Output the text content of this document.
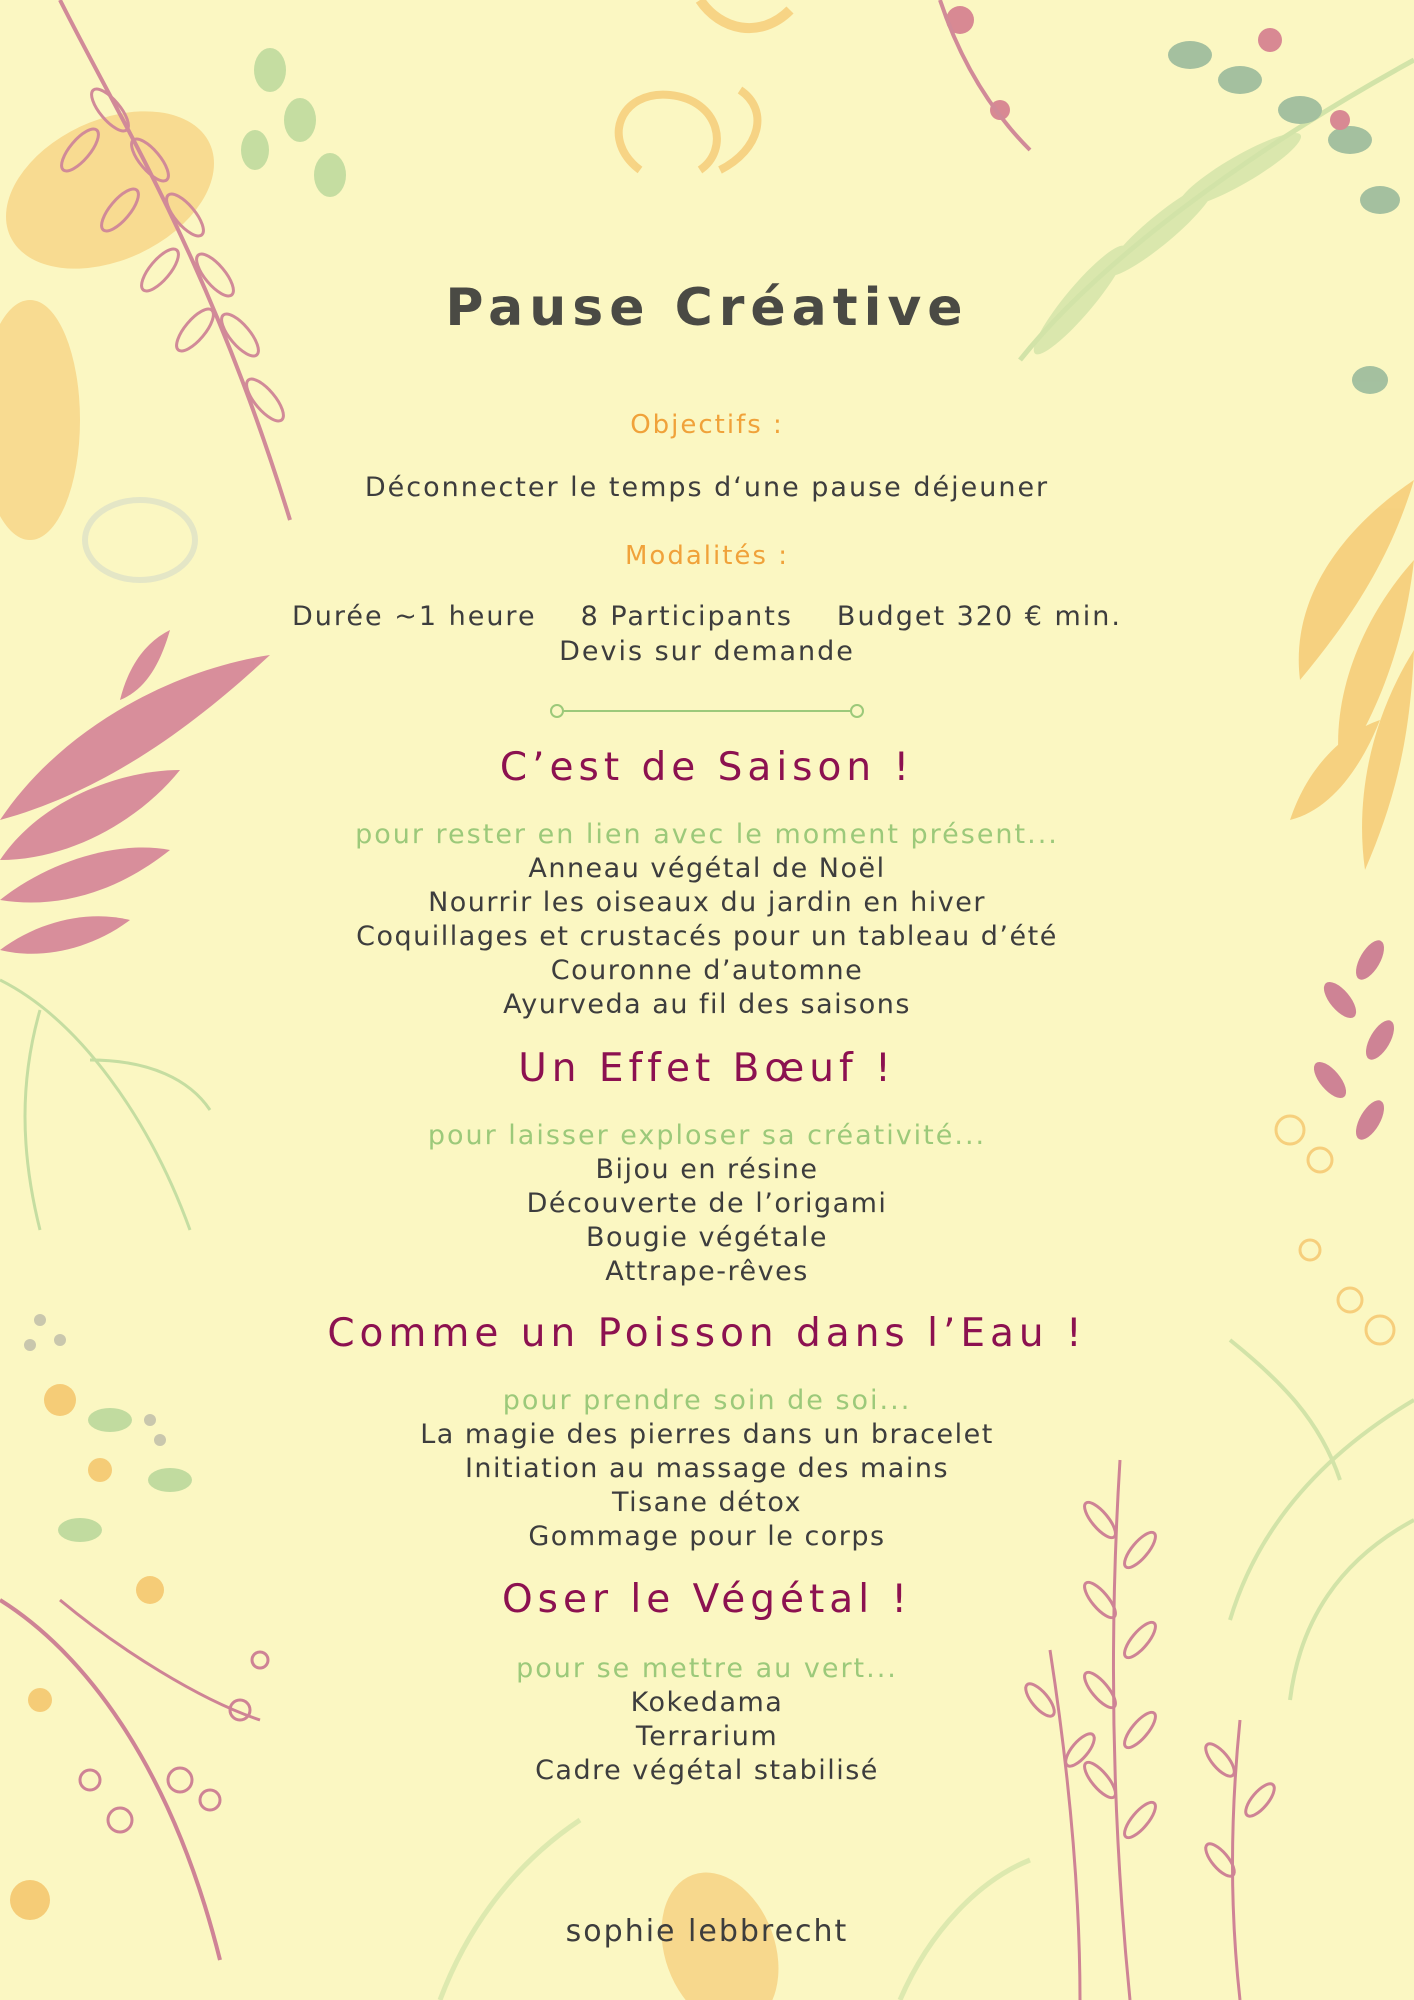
Pause Créative
Objectifs :
Déconnecter le temps d‘une pause déjeuner
Modalités :
Durée ~1 heure 8 Participants Budget 320 € min.
Devis sur demande
C’est de Saison !
pour rester en lien avec le moment présent...
Anneau végétal de Noël
Nourrir les oiseaux du jardin en hiver
Coquillages et crustacés pour un tableau d’été
Couronne d’automne
Ayurveda au fil des saisons
Un Effet Bœuf !
pour laisser exploser sa créativité...
Bijou en résine
Découverte de l’origami
Bougie végétale
Attrape-rêves
Comme un Poisson dans l’Eau !
pour prendre soin de soi...
La magie des pierres dans un bracelet
Initiation au massage des mains
Tisane détox
Gommage pour le corps
Oser le Végétal !
pour se mettre au vert...
Kokedama
Terrarium
Cadre végétal stabilisé
sophie lebbrecht
